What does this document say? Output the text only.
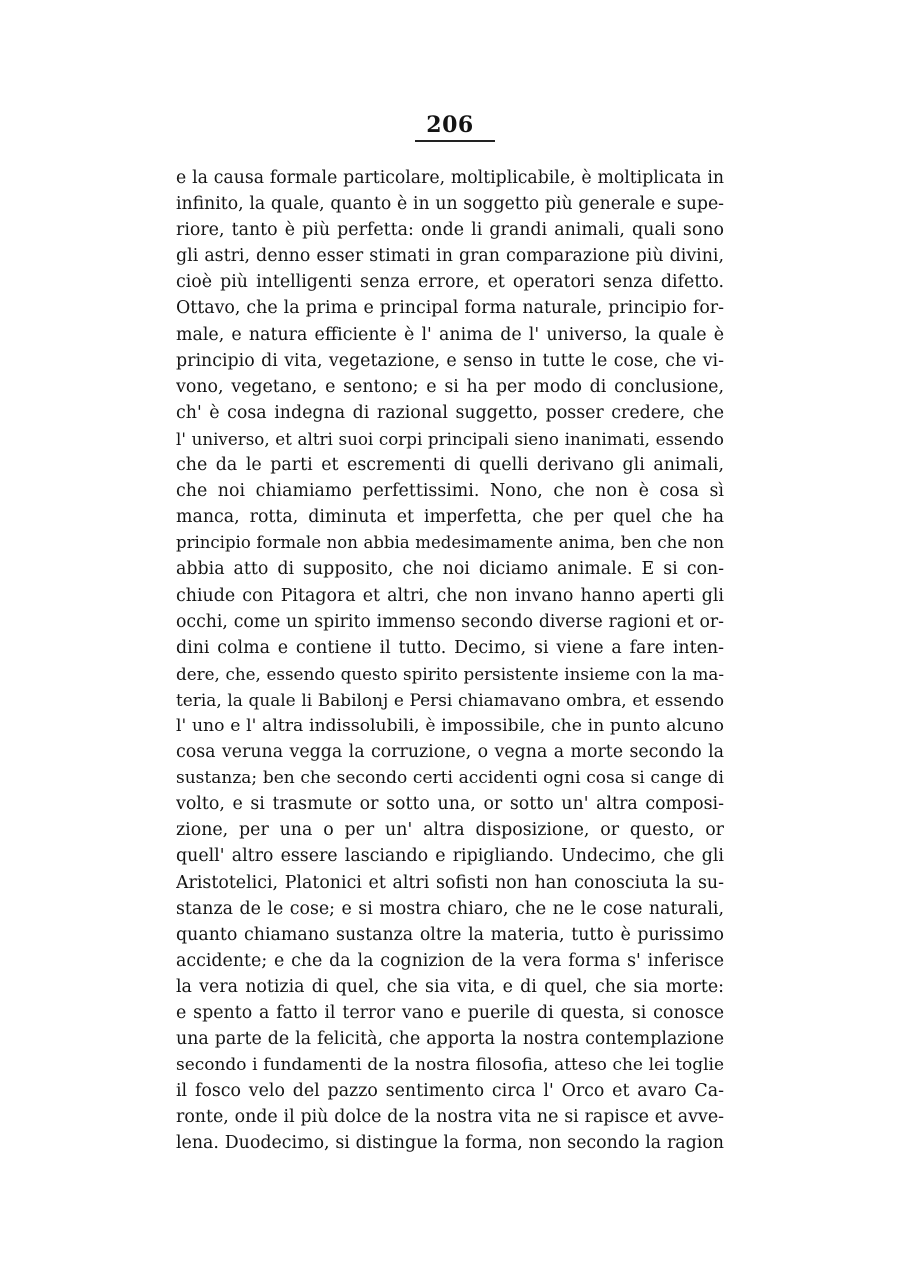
206
e la causa formale particolare, moltiplicabile, è moltiplicata in
infinito, la quale, quanto è in un soggetto più generale e supe-
riore, tanto è più perfetta: onde li grandi animali, quali sono
gli astri, denno esser stimati in gran comparazione più divini,
cioè più intelligenti senza errore, et operatori senza difetto.
Ottavo, che la prima e principal forma naturale, principio for-
male, e natura efficiente è l' anima de l' universo, la quale è
principio di vita, vegetazione, e senso in tutte le cose, che vi-
vono, vegetano, e sentono; e si ha per modo di conclusione,
ch' è cosa indegna di razional suggetto, posser credere, che
l' universo, et altri suoi corpi principali sieno inanimati, essendo
che da le parti et escrementi di quelli derivano gli animali,
che noi chiamiamo perfettissimi. Nono, che non è cosa sì
manca, rotta, diminuta et imperfetta, che per quel che ha
principio formale non abbia medesimamente anima, ben che non
abbia atto di supposito, che noi diciamo animale. E si con-
chiude con Pitagora et altri, che non invano hanno aperti gli
occhi, come un spirito immenso secondo diverse ragioni et or-
dini colma e contiene il tutto. Decimo, si viene a fare inten-
dere, che, essendo questo spirito persistente insieme con la ma-
teria, la quale li Babilonj e Persi chiamavano ombra, et essendo
l' uno e l' altra indissolubili, è impossibile, che in punto alcuno
cosa veruna vegga la corruzione, o vegna a morte secondo la
sustanza; ben che secondo certi accidenti ogni cosa si cange di
volto, e si trasmute or sotto una, or sotto un' altra composi-
zione, per una o per un' altra disposizione, or questo, or
quell' altro essere lasciando e ripigliando. Undecimo, che gli
Aristotelici, Platonici et altri sofisti non han conosciuta la su-
stanza de le cose; e si mostra chiaro, che ne le cose naturali,
quanto chiamano sustanza oltre la materia, tutto è purissimo
accidente; e che da la cognizion de la vera forma s' inferisce
la vera notizia di quel, che sia vita, e di quel, che sia morte:
e spento a fatto il terror vano e puerile di questa, si conosce
una parte de la felicità, che apporta la nostra contemplazione
secondo i fundamenti de la nostra filosofia, atteso che lei toglie
il fosco velo del pazzo sentimento circa l' Orco et avaro Ca-
ronte, onde il più dolce de la nostra vita ne si rapisce et avve-
lena. Duodecimo, si distingue la forma, non secondo la ragion
